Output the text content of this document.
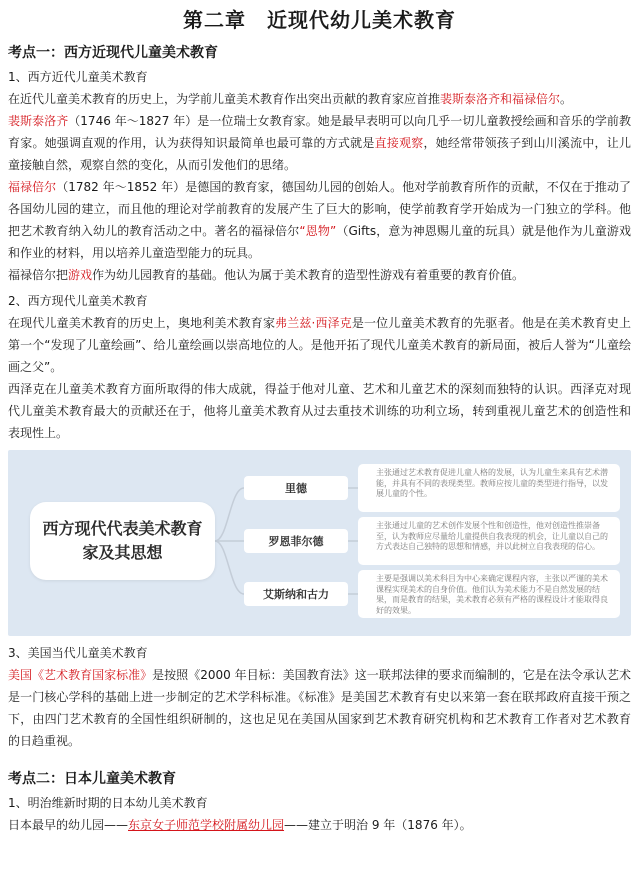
第二章　近现代幼儿美术教育
考点一：西方近现代儿童美术教育
1、西方近代儿童美术教育

在近代儿童美术教育的历史上，为学前儿童美术教育作出突出贡献的教育家应首推裴斯泰洛齐和福禄倍尔。

裴斯泰洛齐（1746 年～1827 年）是一位瑞士女教育家。她是最早表明可以向几乎一切儿童教授绘画和音乐的学前教育家。她强调直观的作用，认为获得知识最简单也最可靠的方式就是直接观察，她经常带领孩子到山川溪流中，让儿童接触自然，观察自然的变化，从而引发他们的思绪。

福禄倍尔（1782 年～1852 年）是德国的教育家，德国幼儿园的创始人。他对学前教育所作的贡献，不仅在于推动了各国幼儿园的建立，而且他的理论对学前教育的发展产生了巨大的影响，使学前教育学开始成为一门独立的学科。他把艺术教育纳入幼儿的教育活动之中。著名的福禄倍尔“恩物”（Gifts，意为神恩赐儿童的玩具）就是他作为儿童游戏和作业的材料，用以培养儿童造型能力的玩具。

福禄倍尔把游戏作为幼儿园教育的基础。他认为属于美术教育的造型性游戏有着重要的教育价值。

2、西方现代儿童美术教育

在现代儿童美术教育的历史上，奥地利美术教育家弗兰兹·西泽克是一位儿童美术教育的先驱者。他是在美术教育史上第一个“发现了儿童绘画”、给儿童绘画以崇高地位的人。是他开拓了现代儿童美术教育的新局面，被后人誉为“儿童绘画之父”。

西泽克在儿童美术教育方面所取得的伟大成就，得益于他对儿童、艺术和儿童艺术的深刻而独特的认识。西泽克对现代儿童美术教育最大的贡献还在于，他将儿童美术教育从过去重技术训练的功利立场，转到重视儿童艺术的创造性和表现性上。

西方现代代表美术教育家及其思想
里德
罗恩菲尔德
艾斯纳和古力
主张通过艺术教育促进儿童人格的发展，认为儿童生来具有艺术潜能，并具有不同的表现类型。教师应按儿童的类型进行指导，以发展儿童的个性。
主张通过儿童的艺术创作发展个性和创造性，他对创造性推崇备至，认为教师应尽量给儿童提供自我表现的机会，让儿童以自己的方式表达自己独特的思想和情感，并以此树立自我表现的信心。
主要是强调以美术科目为中心来确定课程内容，主张以严谨的美术课程实现美术的自身价值。他们认为美术能力不是自然发展的结果，而是教育的结果，美术教育必须有严格的课程设计才能取得良好的效果。
3、美国当代儿童美术教育

美国《艺术教育国家标准》是按照《2000 年目标：美国教育法》这一联邦法律的要求而编制的，它是在法令承认艺术是一门核心学科的基础上进一步制定的艺术学科标准。《标准》是美国艺术教育有史以来第一套在联邦政府直接干预之下，由四门艺术教育的全国性组织研制的，这也足见在美国从国家到艺术教育研究机构和艺术教育工作者对艺术教育的日趋重视。

考点二：日本儿童美术教育
1、明治维新时期的日本幼儿美术教育

日本最早的幼儿园——东京女子师范学校附属幼儿园——建立于明治 9 年（1876 年）。
